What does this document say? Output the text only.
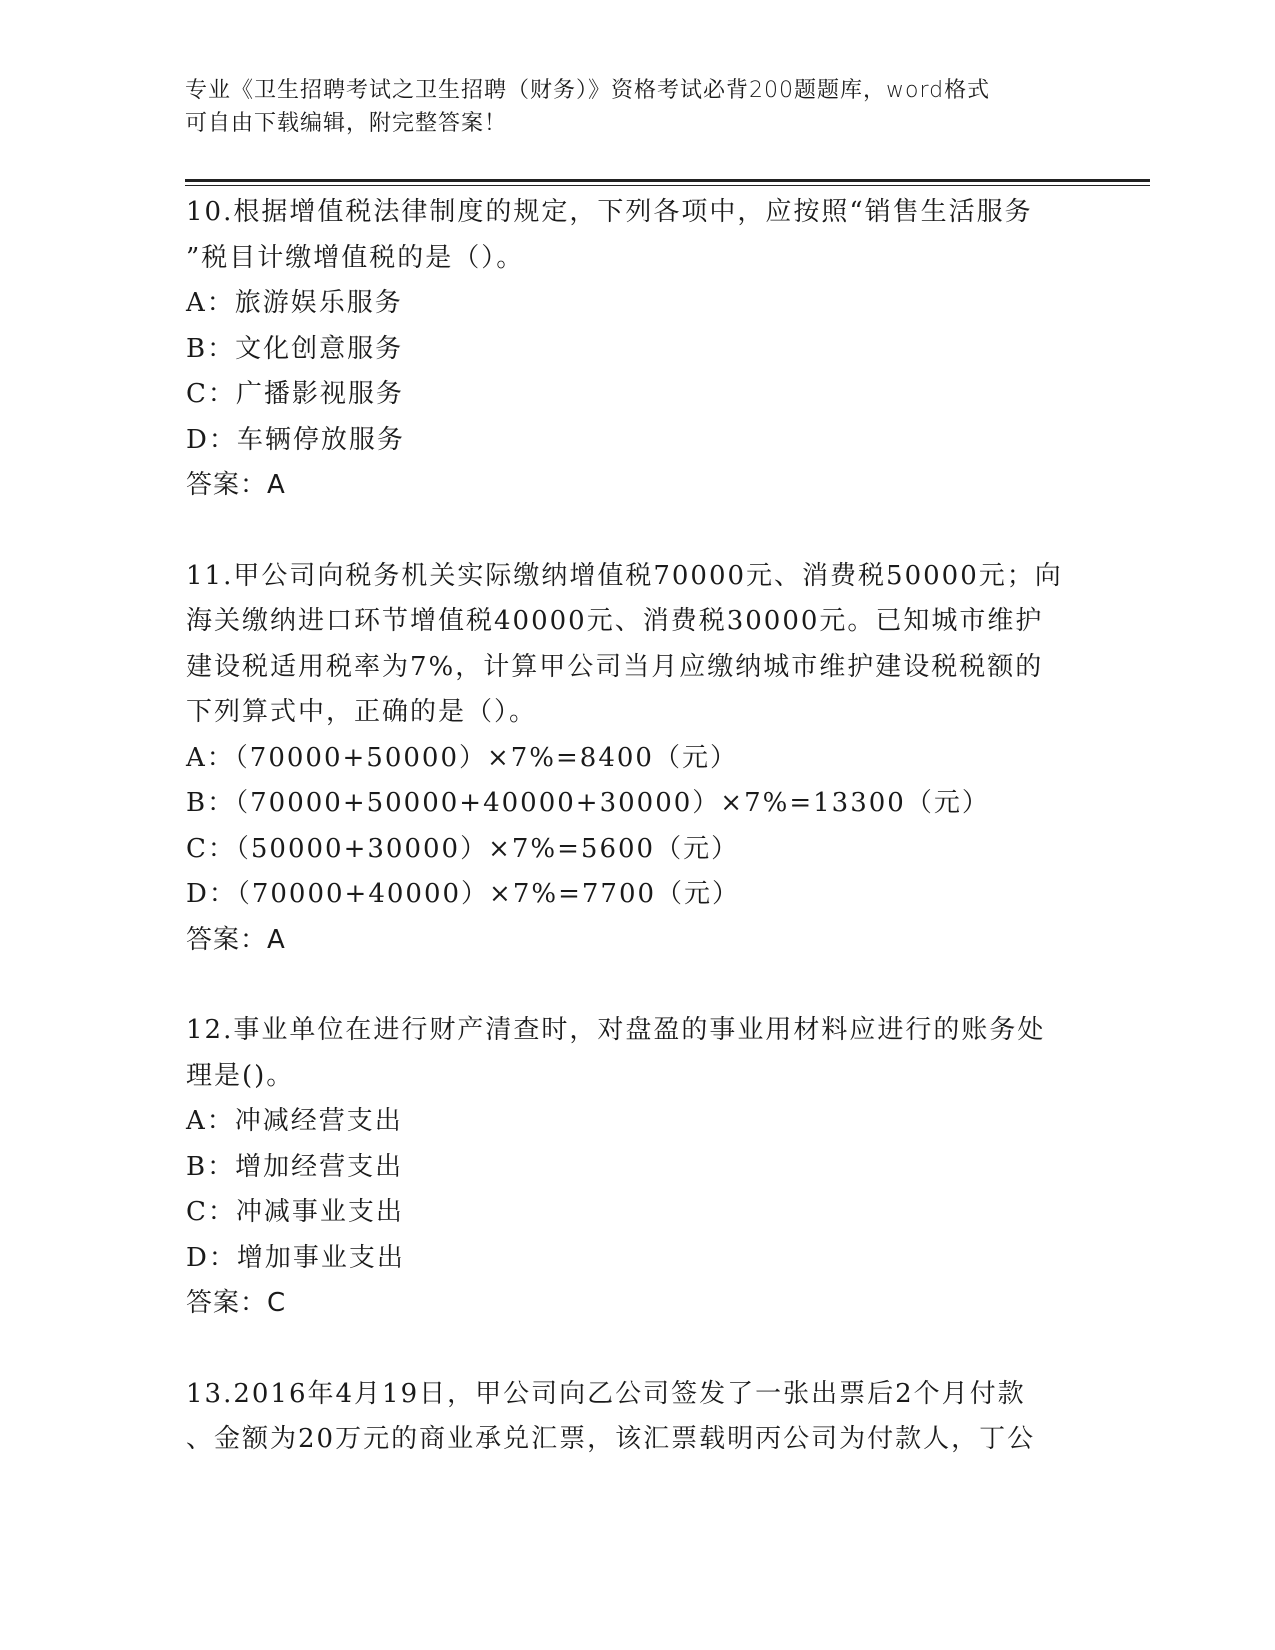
专业《卫生招聘考试之卫生招聘（财务）》资格考试必背200题题库，word格式
可自由下载编辑，附完整答案！
10.根据增值税法律制度的规定，下列各项中，应按照“销售生活服务
”税目计缴增值税的是（）。
A：旅游娱乐服务
B：文化创意服务
C：广播影视服务
D：车辆停放服务
答案：A
11.甲公司向税务机关实际缴纳增值税70000元、消费税50000元；向
海关缴纳进口环节增值税40000元、消费税30000元。已知城市维护
建设税适用税率为7%，计算甲公司当月应缴纳城市维护建设税税额的
下列算式中，正确的是（）。
A：（70000+50000）×7%=8400（元）
B：（70000+50000+40000+30000）×7%=13300（元）
C：（50000+30000）×7%=5600（元）
D：（70000+40000）×7%=7700（元）
答案：A
12.事业单位在进行财产清查时，对盘盈的事业用材料应进行的账务处
理是()。
A：冲减经营支出
B：增加经营支出
C：冲减事业支出
D：增加事业支出
答案：C
13.2016年4月19日，甲公司向乙公司签发了一张出票后2个月付款
、金额为20万元的商业承兑汇票，该汇票载明丙公司为付款人，丁公
